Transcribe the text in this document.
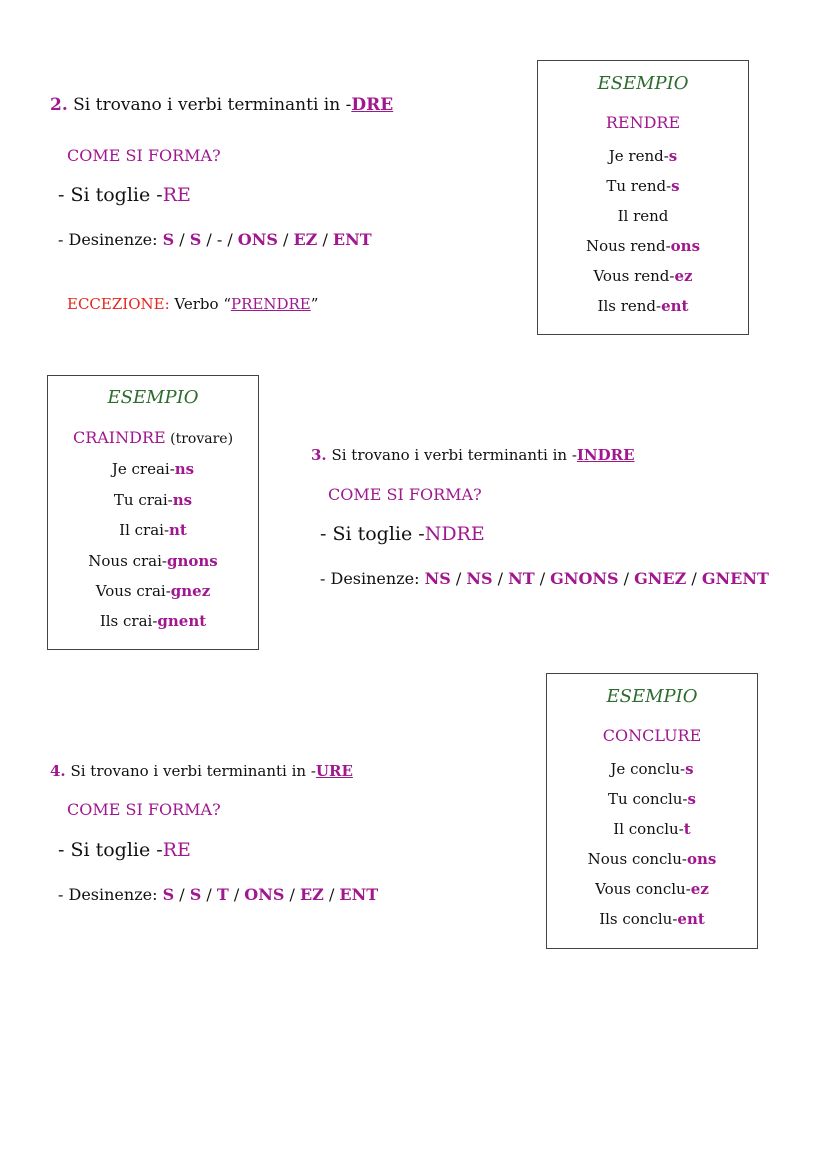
2. Si trovano i verbi terminanti in -DRE
COME SI FORMA?
- Si toglie -RE
- Desinenze: S / S / - / ONS / EZ / ENT
ECCEZIONE: Verbo “PRENDRE”
ESEMPIO
RENDRE
Je rend-s
Tu rend-s
Il rend
Nous rend-ons
Vous rend-ez
Ils rend-ent
ESEMPIO
CRAINDRE (trovare)
Je creai-ns
Tu crai-ns
Il crai-nt
Nous crai-gnons
Vous crai-gnez
Ils crai-gnent
3. Si trovano i verbi terminanti in -INDRE
COME SI FORMA?
- Si toglie -NDRE
- Desinenze: NS / NS / NT / GNONS / GNEZ / GNENT
ESEMPIO
CONCLURE
Je conclu-s
Tu conclu-s
Il conclu-t
Nous conclu-ons
Vous conclu-ez
Ils conclu-ent
4. Si trovano i verbi terminanti in -URE
COME SI FORMA?
- Si toglie -RE
- Desinenze: S / S / T / ONS / EZ / ENT
